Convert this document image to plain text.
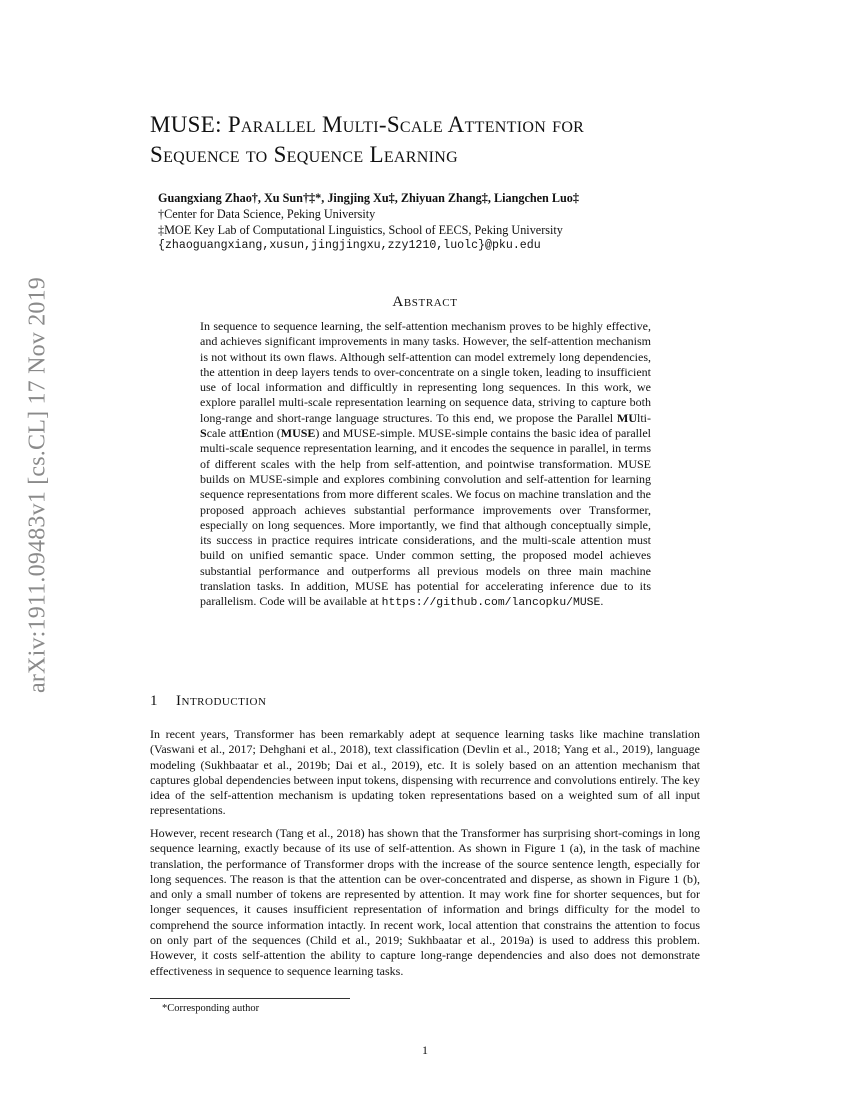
arXiv:1911.09483v1 [cs.CL] 17 Nov 2019
MUSE: Parallel Multi-Scale Attention for
Sequence to Sequence Learning
Guangxiang Zhao†, Xu Sun†‡*, Jingjing Xu‡, Zhiyuan Zhang‡, Liangchen Luo‡
†Center for Data Science, Peking University
‡MOE Key Lab of Computational Linguistics, School of EECS, Peking University
{zhaoguangxiang,xusun,jingjingxu,zzy1210,luolc}@pku.edu
Abstract
In sequence to sequence learning, the self-attention mechanism proves to be highly effective, and achieves significant improvements in many tasks. However, the self-attention mechanism is not without its own flaws. Although self-attention can model extremely long dependencies, the attention in deep layers tends to over-concentrate on a single token, leading to insufficient use of local information and difficultly in representing long sequences. In this work, we explore parallel multi-scale representation learning on sequence data, striving to capture both long-range and short-range language structures. To this end, we propose the Parallel MUlti-Scale attEntion (MUSE) and MUSE-simple. MUSE-simple contains the basic idea of parallel multi-scale sequence representation learning, and it encodes the sequence in parallel, in terms of different scales with the help from self-attention, and pointwise transformation. MUSE builds on MUSE-simple and explores combining convolution and self-attention for learning sequence representations from more different scales. We focus on machine translation and the proposed approach achieves substantial performance improvements over Transformer, especially on long sequences. More importantly, we find that although conceptually simple, its success in practice requires intricate considerations, and the multi-scale attention must build on unified semantic space. Under common setting, the proposed model achieves substantial performance and outperforms all previous models on three main machine translation tasks. In addition, MUSE has potential for accelerating inference due to its parallelism. Code will be available at https://github.com/lancopku/MUSE.
1 Introduction
In recent years, Transformer has been remarkably adept at sequence learning tasks like machine translation (Vaswani et al., 2017; Dehghani et al., 2018), text classification (Devlin et al., 2018; Yang et al., 2019), language modeling (Sukhbaatar et al., 2019b; Dai et al., 2019), etc. It is solely based on an attention mechanism that captures global dependencies between input tokens, dispensing with recurrence and convolutions entirely. The key idea of the self-attention mechanism is updating token representations based on a weighted sum of all input representations.
However, recent research (Tang et al., 2018) has shown that the Transformer has surprising short-comings in long sequence learning, exactly because of its use of self-attention. As shown in Figure 1 (a), in the task of machine translation, the performance of Transformer drops with the increase of the source sentence length, especially for long sequences. The reason is that the attention can be over-concentrated and disperse, as shown in Figure 1 (b), and only a small number of tokens are represented by attention. It may work fine for shorter sequences, but for longer sequences, it causes insufficient representation of information and brings difficulty for the model to comprehend the source information intactly. In recent work, local attention that constrains the attention to focus on only part of the sequences (Child et al., 2019; Sukhbaatar et al., 2019a) is used to address this problem. However, it costs self-attention the ability to capture long-range dependencies and also does not demonstrate effectiveness in sequence to sequence learning tasks.
*Corresponding author
1
